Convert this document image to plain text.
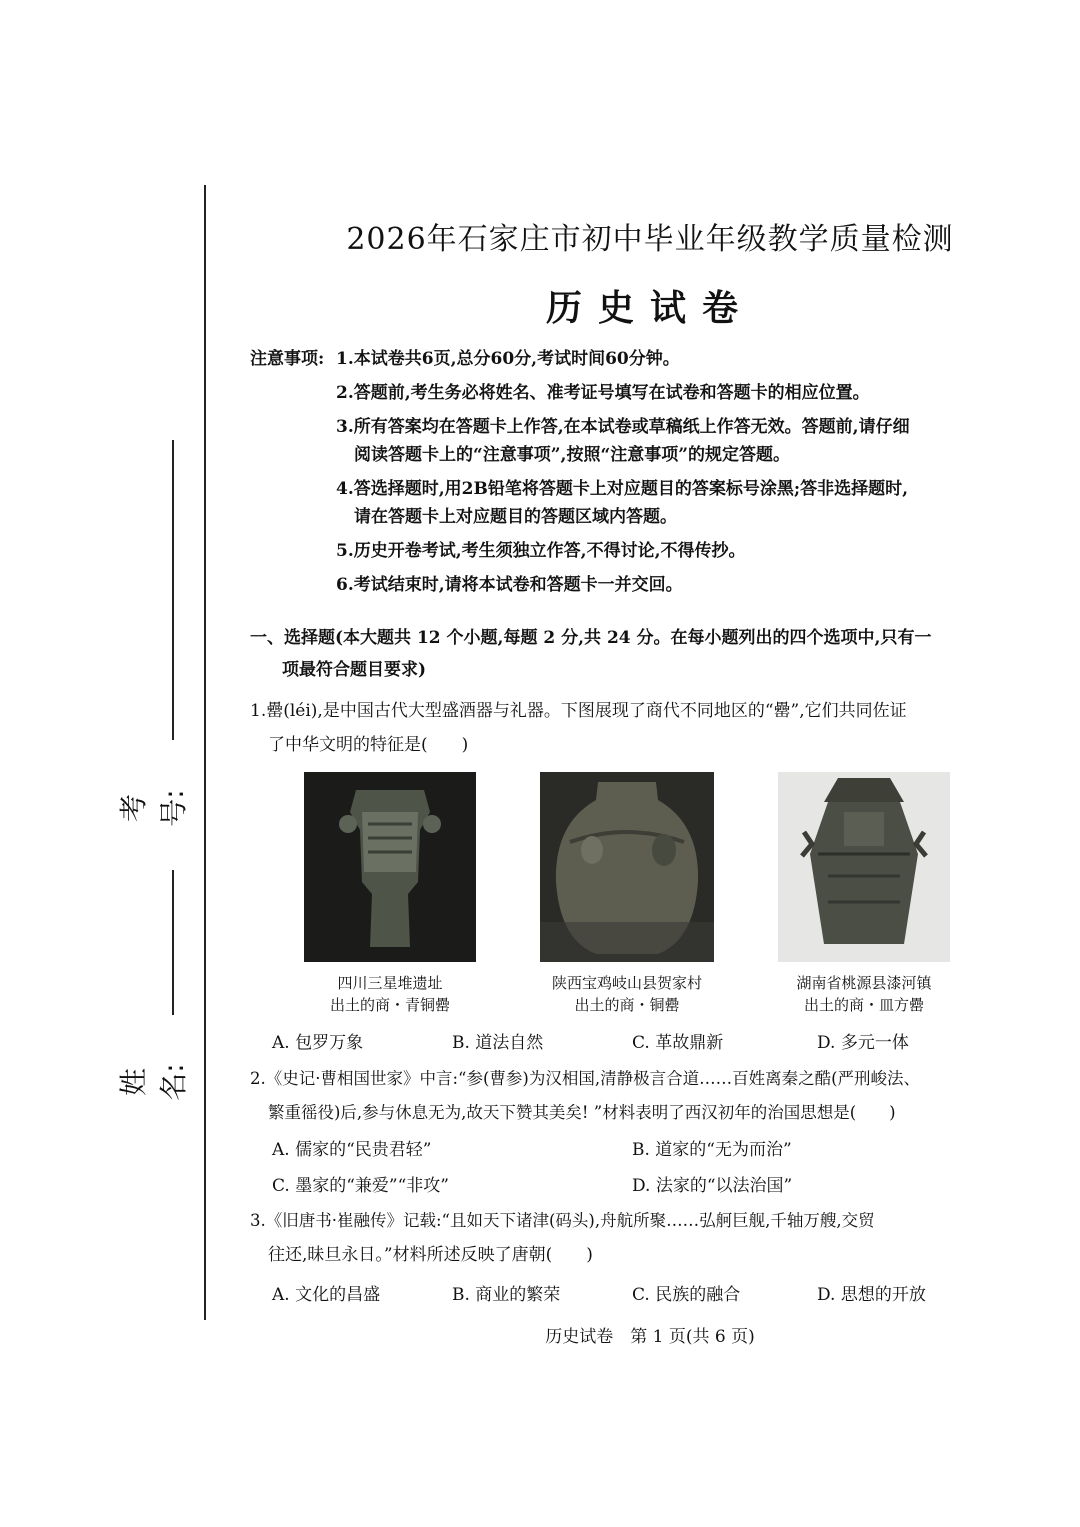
考号:
姓名:
2026年石家庄市初中毕业年级教学质量检测
历史试卷
注意事项: 1.本试卷共6页,总分60分,考试时间60分钟。
2.答题前,考生务必将姓名、准考证号填写在试卷和答题卡的相应位置。
3.所有答案均在答题卡上作答,在本试卷或草稿纸上作答无效。答题前,请仔细
阅读答题卡上的“注意事项”,按照“注意事项”的规定答题。
4.答选择题时,用2B铅笔将答题卡上对应题目的答案标号涂黑;答非选择题时,
请在答题卡上对应题目的答题区域内答题。
5.历史开卷考试,考生须独立作答,不得讨论,不得传抄。
6.考试结束时,请将本试卷和答题卡一并交回。
一、选择题(本大题共 12 个小题,每题 2 分,共 24 分。在每小题列出的四个选项中,只有一
项最符合题目要求)
1.罍(léi),是中国古代大型盛酒器与礼器。下图展现了商代不同地区的“罍”,它们共同佐证
了中华文明的特征是(　　)
四川三星堆遗址
出土的商・青铜罍
陕西宝鸡岐山县贺家村
出土的商・铜罍
湖南省桃源县漆河镇
出土的商・皿方罍
A. 包罗万象	B. 道法自然	C. 革故鼎新	D. 多元一体
2.《史记·曹相国世家》中言:“参(曹参)为汉相国,清静极言合道……百姓离秦之酷(严刑峻法、
繁重徭役)后,参与休息无为,故天下赞其美矣! ”材料表明了西汉初年的治国思想是(　　)
A. 儒家的“民贵君轻”	B. 道家的“无为而治”
C. 墨家的“兼爱”“非攻”	D. 法家的“以法治国”
3.《旧唐书·崔融传》记载:“且如天下诸津(码头),舟航所聚……弘舸巨舰,千轴万艘,交贸
往还,昧旦永日。”材料所述反映了唐朝(　　)
A. 文化的昌盛	B. 商业的繁荣	C. 民族的融合	D. 思想的开放
历史试卷　第 1 页(共 6 页)
